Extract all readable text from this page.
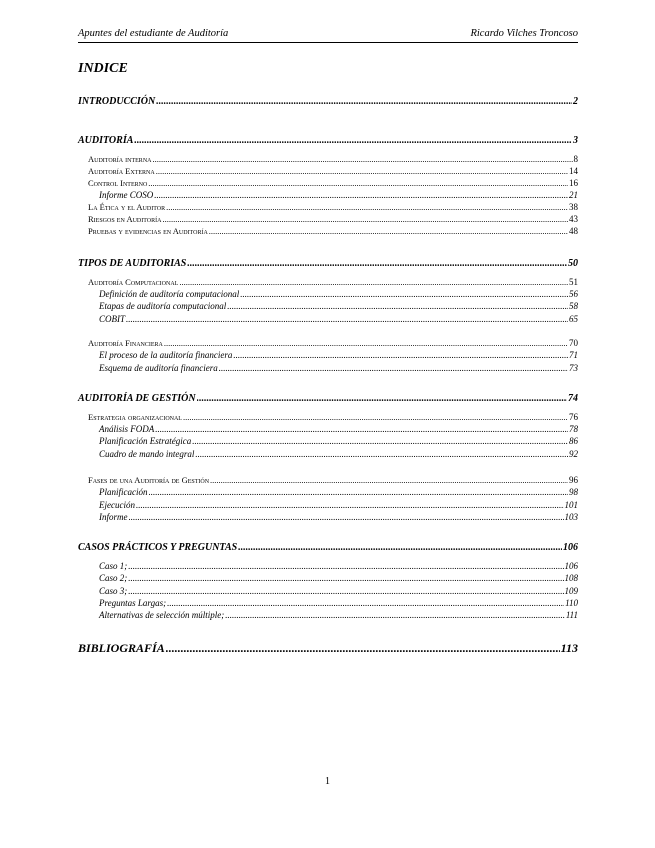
Apuntes del estudiante de Auditoría	Ricardo Vilches Troncoso
INDICE
INTRODUCCIÓN .....	2
AUDITORÍA .....	3
Auditoría interna .....	8
Auditoría Externa .....	14
Control Interno .....	16
Informe COSO .....	21
La Ética y el Auditor .....	38
Riesgos en Auditoría .....	43
Pruebas y evidencias en Auditoría .....	48
TIPOS DE AUDITORIAS .....	50
Auditoría Computacional .....	51
Definición de auditoría computacional .....	56
Etapas de auditoría computacional .....	58
COBIT .....	65
Auditoría Financiera .....	70
El proceso de la auditoría financiera .....	71
Esquema de auditoría financiera .....	73
AUDITORÍA DE GESTIÓN .....	74
Estrategia organizacional .....	76
Análisis FODA .....	78
Planificación Estratégica .....	86
Cuadro de mando integral .....	92
Fases de una Auditoría de Gestión .....	96
Planificación .....	98
Ejecución .....	101
Informe .....	103
CASOS PRÁCTICOS Y PREGUNTAS .....	106
Caso 1; .....	106
Caso 2; .....	108
Caso 3; .....	109
Preguntas Largas; .....	110
Alternativas de selección múltiple; .....	111
BIBLIOGRAFÍA .....	113
1
